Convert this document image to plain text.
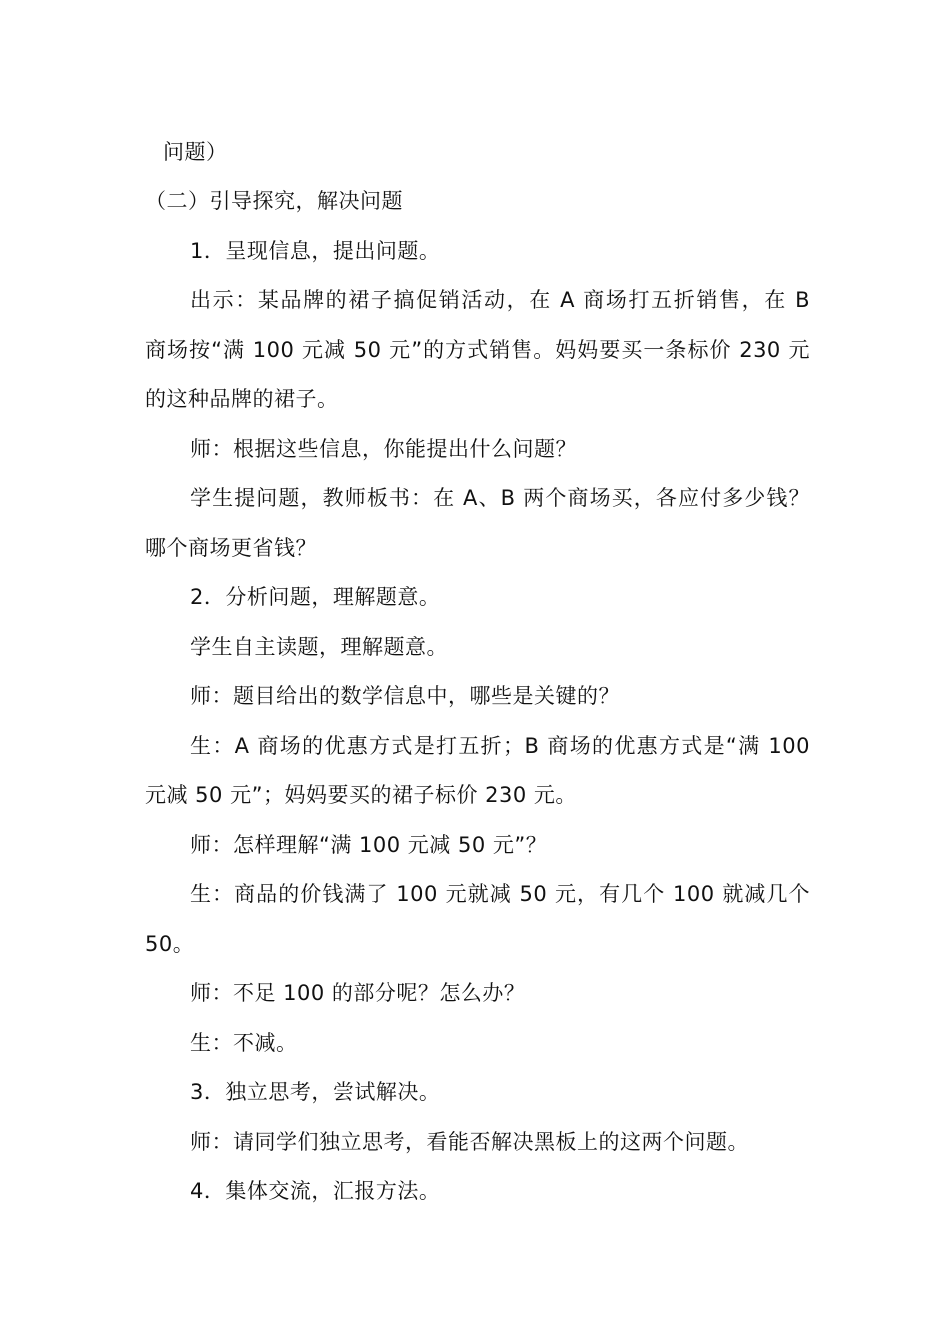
问题）
（二）引导探究，解决问题
1．呈现信息，提出问题。
出示：某品牌的裙子搞促销活动，在 A 商场打五折销售，在 B
商场按“满 100 元减 50 元”的方式销售。妈妈要买一条标价 230 元
的这种品牌的裙子。
师：根据这些信息，你能提出什么问题？
学生提问题，教师板书：在 A、B 两个商场买，各应付多少钱？
哪个商场更省钱？
2．分析问题，理解题意。
学生自主读题，理解题意。
师：题目给出的数学信息中，哪些是关键的？
生：A 商场的优惠方式是打五折；B 商场的优惠方式是“满 100
元减 50 元”；妈妈要买的裙子标价 230 元。
师：怎样理解“满 100 元减 50 元”？
生：商品的价钱满了 100 元就减 50 元，有几个 100 就减几个
50。
师：不足 100 的部分呢？怎么办？
生：不减。
3．独立思考，尝试解决。
师：请同学们独立思考，看能否解决黑板上的这两个问题。
4．集体交流，汇报方法。
